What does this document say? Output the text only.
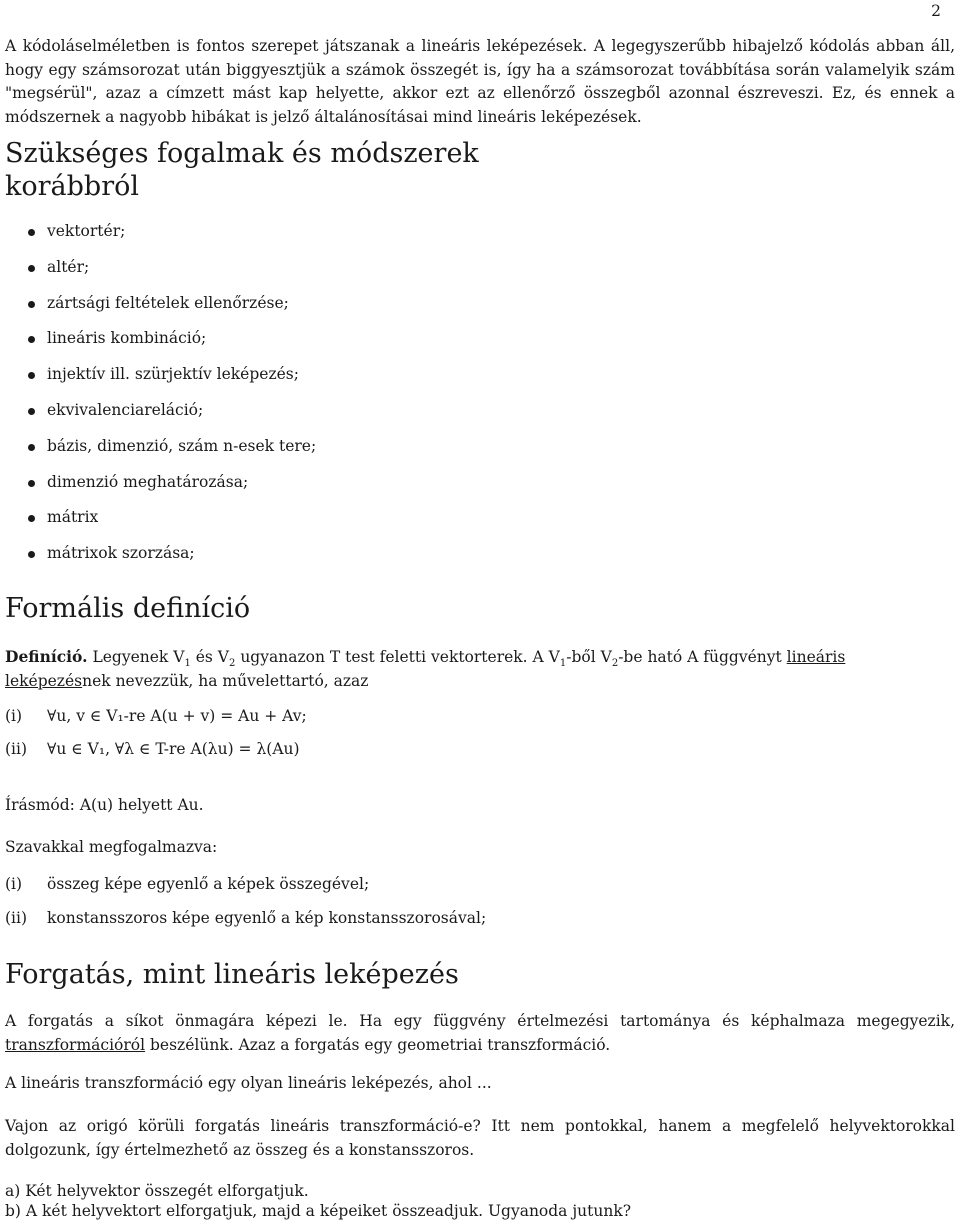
2

A kódoláselméletben is fontos szerepet játszanak a lineáris leképezések. A legegyszerűbb hibajelző kódolás abban áll, hogy egy számsorozat után biggyesztjük a számok összegét is, így ha a számsorozat továbbítása során valamelyik szám "megsérül", azaz a címzett mást kap helyette, akkor ezt az ellenőrző összegből azonnal észreveszi. Ez, és ennek a módszernek a nagyobb hibákat is jelző általánosításai mind lineáris leképezések.

Szükséges fogalmak és módszerek
korábbról
vektortér;
altér;
zártsági feltételek ellenőrzése;
lineáris kombináció;
injektív ill. szürjektív leképezés;
ekvivalenciareláció;
bázis, dimenzió, szám n-esek tere;
dimenzió meghatározása;
mátrix
mátrixok szorzása;
Formális definíció

Definíció. Legyenek $V_1$ és $V_2$ ugyanazon T test feletti vektorterek. A $V_1$-ből $V_2-be$ ható A függvényt lineáris leképezésnek nevezzük, ha művelettartó, azaz

(i) ∀u, v ∈ V₁-re A(u + v) = Au + Av;
(ii) ∀u ∈ V₁, ∀λ ∈ T-re A(λu) = λ(Au)

Írásmód: A(u) helyett Au.

Szavakkal megfogalmazva:

(i) összeg képe egyenlő a képek összegével;
(ii) konstansszoros képe egyenlő a kép konstansszorosával;
Forgatás, mint lineáris leképezés

A forgatás a síkot önmagára képezi le. Ha egy függvény értelmezési tartománya és képhalmaza megegyezik, transzformációról beszélünk. Azaz a forgatás egy geometriai transzformáció.

A lineáris transzformáció egy olyan lineáris leképezés, ahol ...

Vajon az origó körüli forgatás lineáris transzformáció-e? Itt nem pontokkal, hanem a megfelelő helyvektorokkal dolgozunk, így értelmezhető az összeg és a konstansszoros.

a) Két helyvektor összegét elforgatjuk.

b) A két helyvektort elforgatjuk, majd a képeiket összeadjuk. Ugyanoda jutunk?
